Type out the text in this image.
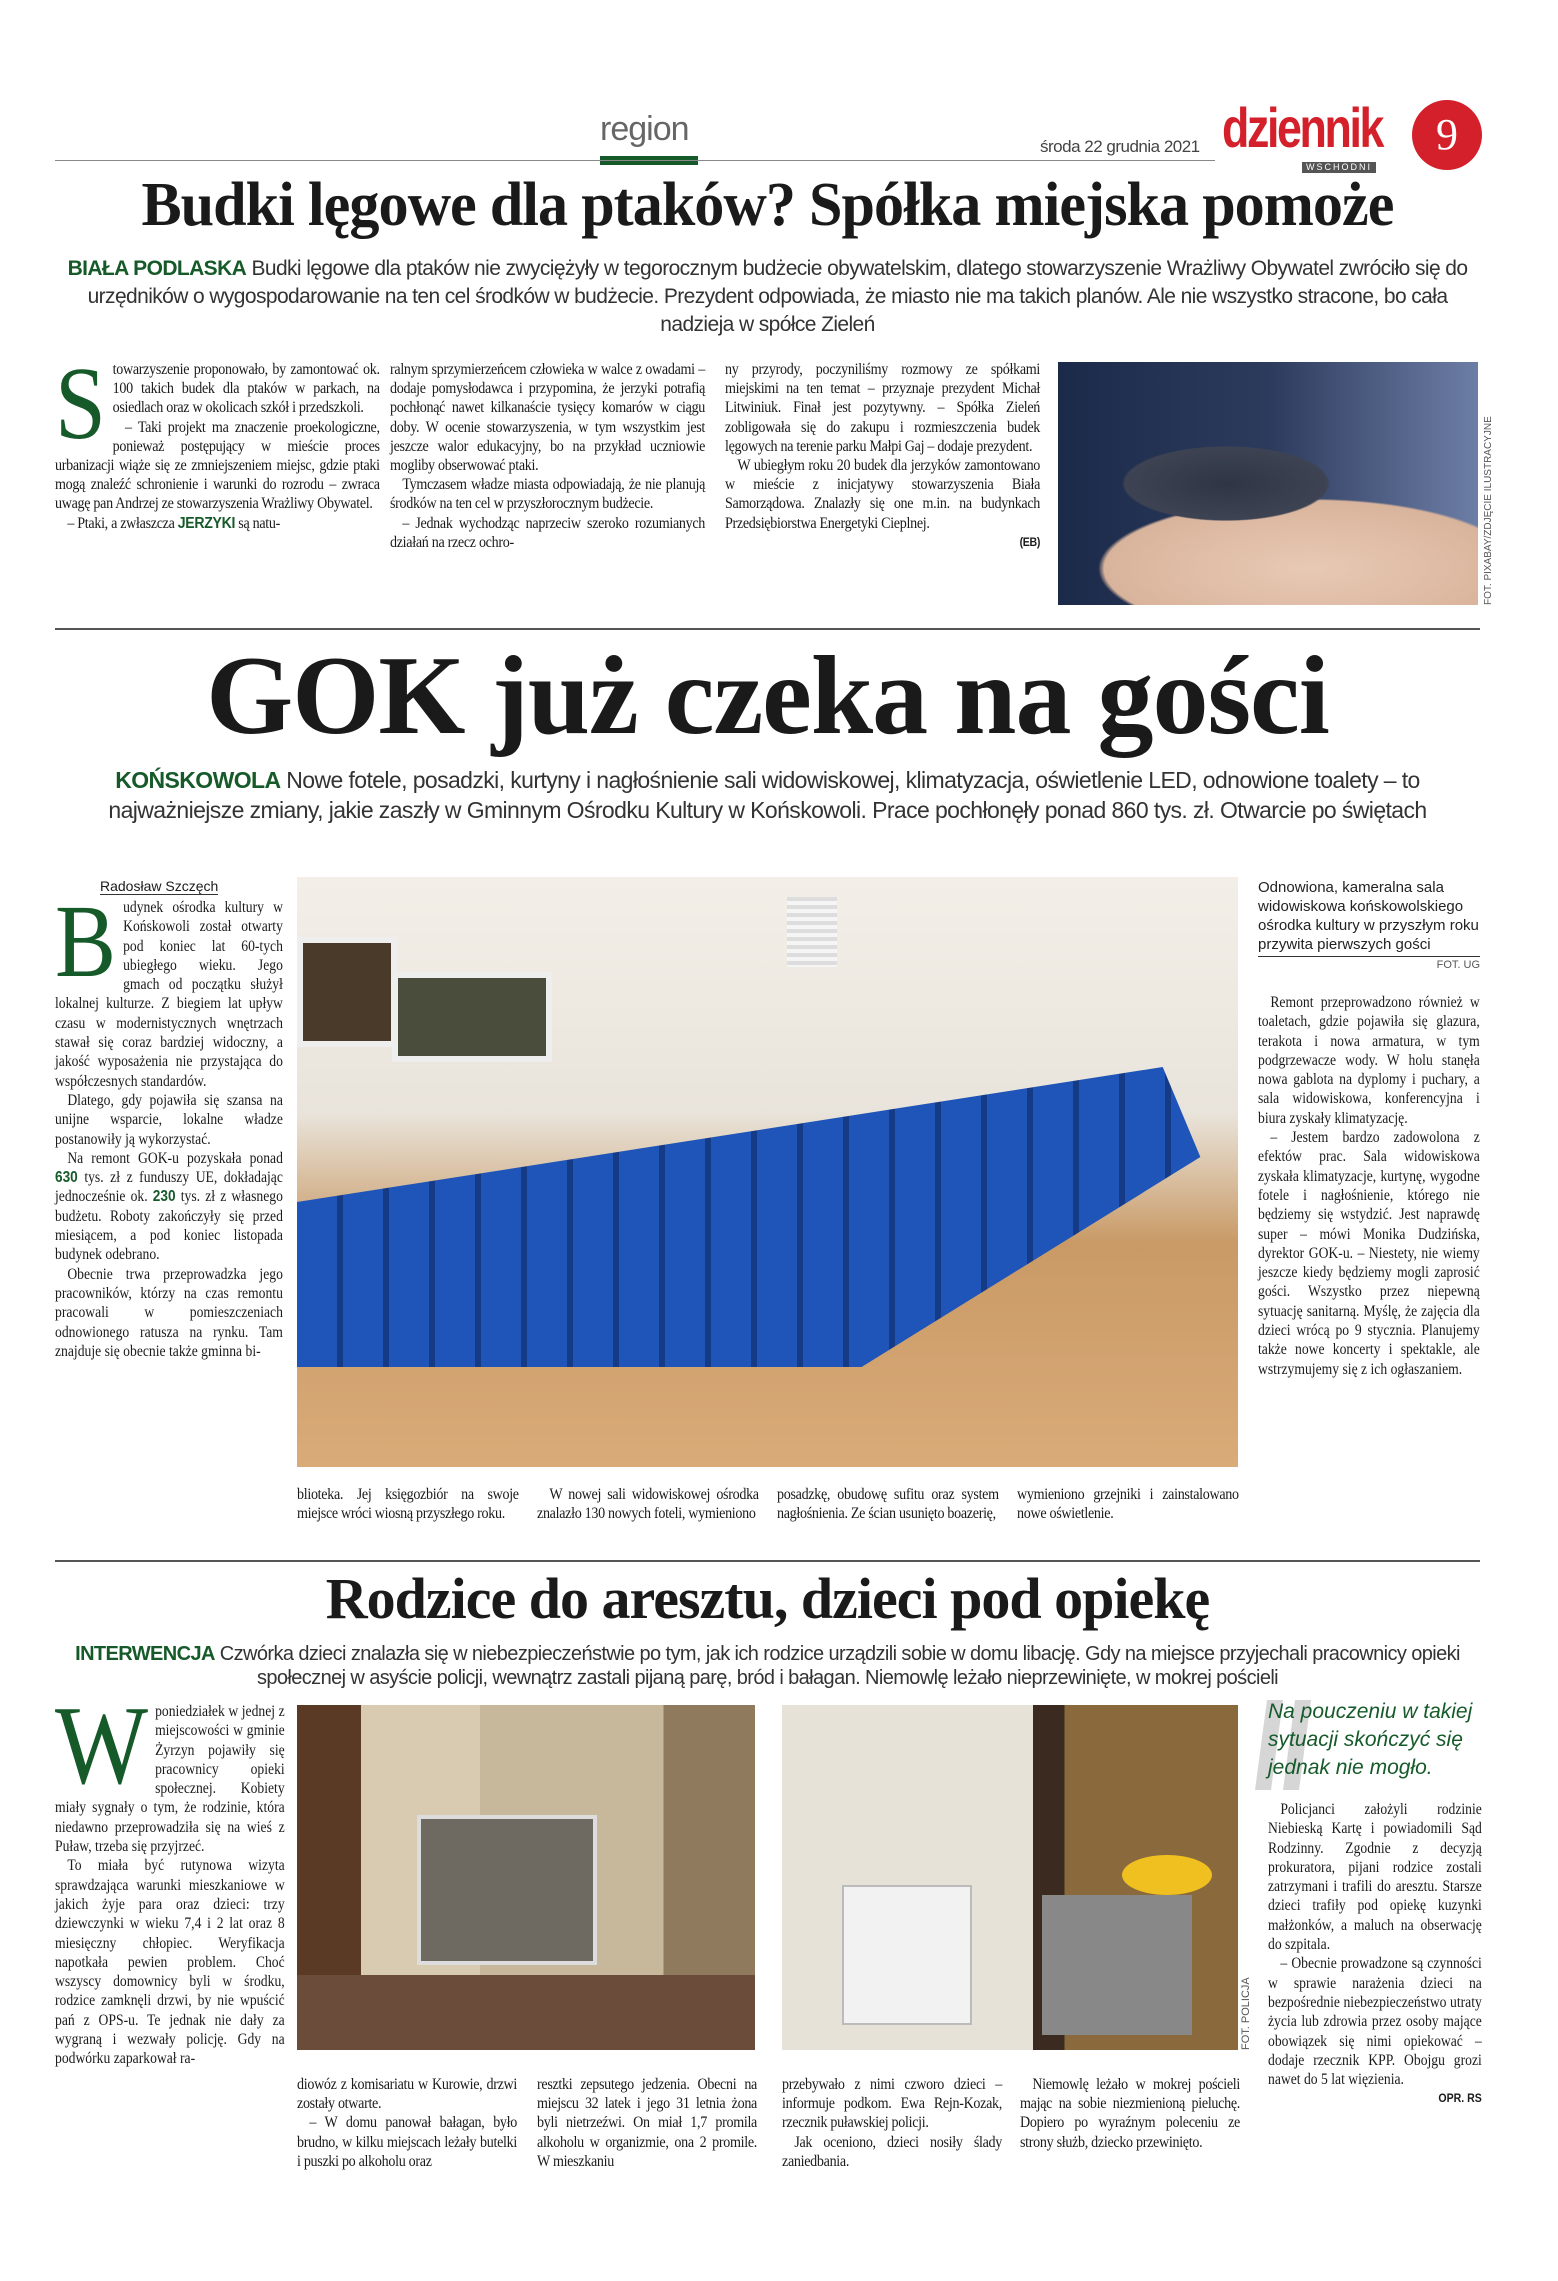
region	środa 22 grudnia 2021 dziennik
WSCHODNI
9
Budki lęgowe dla ptaków? Spółka miejska pomoże
BIAŁA PODLASKA Budki lęgowe dla ptaków nie zwyciężyły w tegorocznym budżecie obywatelskim, dlatego stowarzyszenie Wrażliwy Obywatel zwróciło się do urzędników o wygospodarowanie na ten cel środków w budżecie. Prezydent odpowiada, że miasto nie ma takich planów. Ale nie wszystko stracone, bo cała nadzieja w spółce Zieleń
S towarzyszenie proponowało, by zamontować ok. 100 takich budek dla ptaków w parkach, na osiedlach oraz w okolicach szkół i przedszkoli.

– Taki projekt ma znaczenie proekologiczne, ponieważ postępujący w mieście proces urbanizacji wiąże się ze zmniejszeniem miejsc, gdzie ptaki mogą znaleźć schronienie i warunki do rozrodu – zwraca uwagę pan Andrzej ze stowarzyszenia Wrażliwy Obywatel.

– Ptaki, a zwłaszcza JERZYKI są natu-

ralnym sprzymierzeńcem człowieka w walce z owadami – dodaje pomysłodawca i przypomina, że jerzyki potrafią pochłonąć nawet kilkanaście tysięcy komarów w ciągu doby. W ocenie stowarzyszenia, w tym wszystkim jest jeszcze walor edukacyjny, bo na przykład uczniowie mogliby obserwować ptaki.

Tymczasem władze miasta odpowiadają, że nie planują środków na ten cel w przyszłorocznym budżecie.

– Jednak wychodząc naprzeciw szeroko rozumianych działań na rzecz ochro-

ny przyrody, poczyniliśmy rozmowy ze spółkami miejskimi na ten temat – przyznaje prezydent Michał Litwiniuk. Finał jest pozytywny. – Spółka Zieleń zobligowała się do zakupu i rozmieszczenia budek lęgowych na terenie parku Małpi Gaj – dodaje prezydent.

W ubiegłym roku 20 budek dla jerzyków zamontowano w mieście z inicjatywy stowarzyszenia Biała Samorządowa. Znalazły się one m.in. na budynkach Przedsiębiorstwa Energetyki Cieplnej.

(EB)	FOT. PIXABAY/ZDJĘCIE ILUSTRACYJNE
GOK już czeka na gości
KOŃSKOWOLA Nowe fotele, posadzki, kurtyny i nagłośnienie sali widowiskowej, klimatyzacja, oświetlenie LED, odnowione toalety – to najważniejsze zmiany, jakie zaszły w Gminnym Ośrodku Kultury w Końskowoli. Prace pochłonęły ponad 860 tys. zł. Otwarcie po świętach
Radosław Szczęch
B udynek ośrodka kultury w Końskowoli został otwarty pod koniec lat 60-tych ubiegłego wieku. Jego gmach od początku służył lokalnej kulturze. Z biegiem lat upływ czasu w modernistycznych wnętrzach stawał się coraz bardziej widoczny, a jakość wyposażenia nie przystająca do współczesnych standardów.

Dlatego, gdy pojawiła się szansa na unijne wsparcie, lokalne władze postanowiły ją wykorzystać.

Na remont GOK-u pozyskała ponad 630 tys. zł z funduszy UE, dokładając jednocześnie ok. 230 tys. zł z własnego budżetu. Roboty zakończyły się przed miesiącem, a pod koniec listopada budynek odebrano.

Obecnie trwa przeprowadzka jego pracowników, którzy na czas remontu pracowali w pomieszczeniach odnowionego ratusza na rynku. Tam znajduje się obecnie także gminna bi-

Odnowiona, kameralna sala widowiskowa końskowolskiego ośrodka kultury w przyszłym roku przywita pierwszych gości
FOT. UG

Remont przeprowadzono również w toaletach, gdzie pojawiła się glazura, terakota i nowa armatura, w tym podgrzewacze wody. W holu stanęła nowa gablota na dyplomy i puchary, a sala widowiskowa, konferencyjna i biura zyskały klimatyzację.

– Jestem bardzo zadowolona z efektów prac. Sala widowiskowa zyskała klimatyzacje, kurtynę, wygodne fotele i nagłośnienie, którego nie będziemy się wstydzić. Jest naprawdę super – mówi Monika Dudzińska, dyrektor GOK-u. – Niestety, nie wiemy jeszcze kiedy będziemy mogli zaprosić gości. Wszystko przez niepewną sytuację sanitarną. Myślę, że zajęcia dla dzieci wrócą po 9 stycznia. Planujemy także nowe koncerty i spektakle, ale wstrzymujemy się z ich ogłaszaniem.

blioteka. Jej księgozbiór na swoje miejsce wróci wiosną przyszłego roku.

W nowej sali widowiskowej ośrodka znalazło 130 nowych foteli, wymieniono

posadzkę, obudowę sufitu oraz system nagłośnienia. Ze ścian usunięto boazerię,

wymieniono grzejniki i zainstalowano nowe oświetlenie.

Rodzice do aresztu, dzieci pod opiekę
INTERWENCJA Czwórka dzieci znalazła się w niebezpieczeństwie po tym, jak ich rodzice urządzili sobie w domu libację. Gdy na miejsce przyjechali pracownicy opieki społecznej w asyście policji, wewnątrz zastali pijaną parę, bród i bałagan. Niemowlę leżało nieprzewinięte, w mokrej pościeli
W poniedziałek w jednej z miejscowości w gminie Żyrzyn pojawiły się pracownicy opieki społecznej. Kobiety miały sygnały o tym, że rodzinie, która niedawno przeprowadziła się na wieś z Puław, trzeba się przyjrzeć.

To miała być rutynowa wizyta sprawdzająca warunki mieszkaniowe w jakich żyje para oraz dzieci: trzy dziewczynki w wieku 7,4 i 2 lat oraz 8 miesięczny chłopiec. Weryfikacja napotkała pewien problem. Choć wszyscy domownicy byli w środku, rodzice zamknęli drzwi, by nie wpuścić pań z OPS-u. Te jednak nie dały za wygraną i wezwały policję. Gdy na podwórku zaparkował ra-

FOT. POLICJA

diowóz z komisariatu w Kurowie, drzwi zostały otwarte.

– W domu panował bałagan, było brudno, w kilku miejscach leżały butelki i puszki po alkoholu oraz

resztki zepsutego jedzenia. Obecni na miejscu 32 latek i jego 31 letnia żona byli nietrzeźwi. On miał 1,7 promila alkoholu w organizmie, ona 2 promile. W mieszkaniu

przebywało z nimi czworo dzieci – informuje podkom. Ewa Rejn-Kozak, rzecznik puławskiej policji.

Jak oceniono, dzieci nosiły ślady zaniedbania.

Niemowlę leżało w mokrej pościeli mając na sobie niezmienioną pieluchę. Dopiero po wyraźnym poleceniu ze strony służb, dziecko przewinięto.

Na pouczeniu w takiej sytuacji skończyć się jednak nie mogło.

Policjanci założyli rodzinie Niebieską Kartę i powiadomili Sąd Rodzinny. Zgodnie z decyzją prokuratora, pijani rodzice zostali zatrzymani i trafili do aresztu. Starsze dzieci trafiły pod opiekę kuzynki małżonków, a maluch na obserwację do szpitala.

– Obecnie prowadzone są czynności w sprawie narażenia dzieci na bezpośrednie niebezpieczeństwo utraty życia lub zdrowia przez osoby mające obowiązek się nimi opiekować – dodaje rzecznik KPP. Obojgu grozi nawet do 5 lat więzienia.

OPR. RS
